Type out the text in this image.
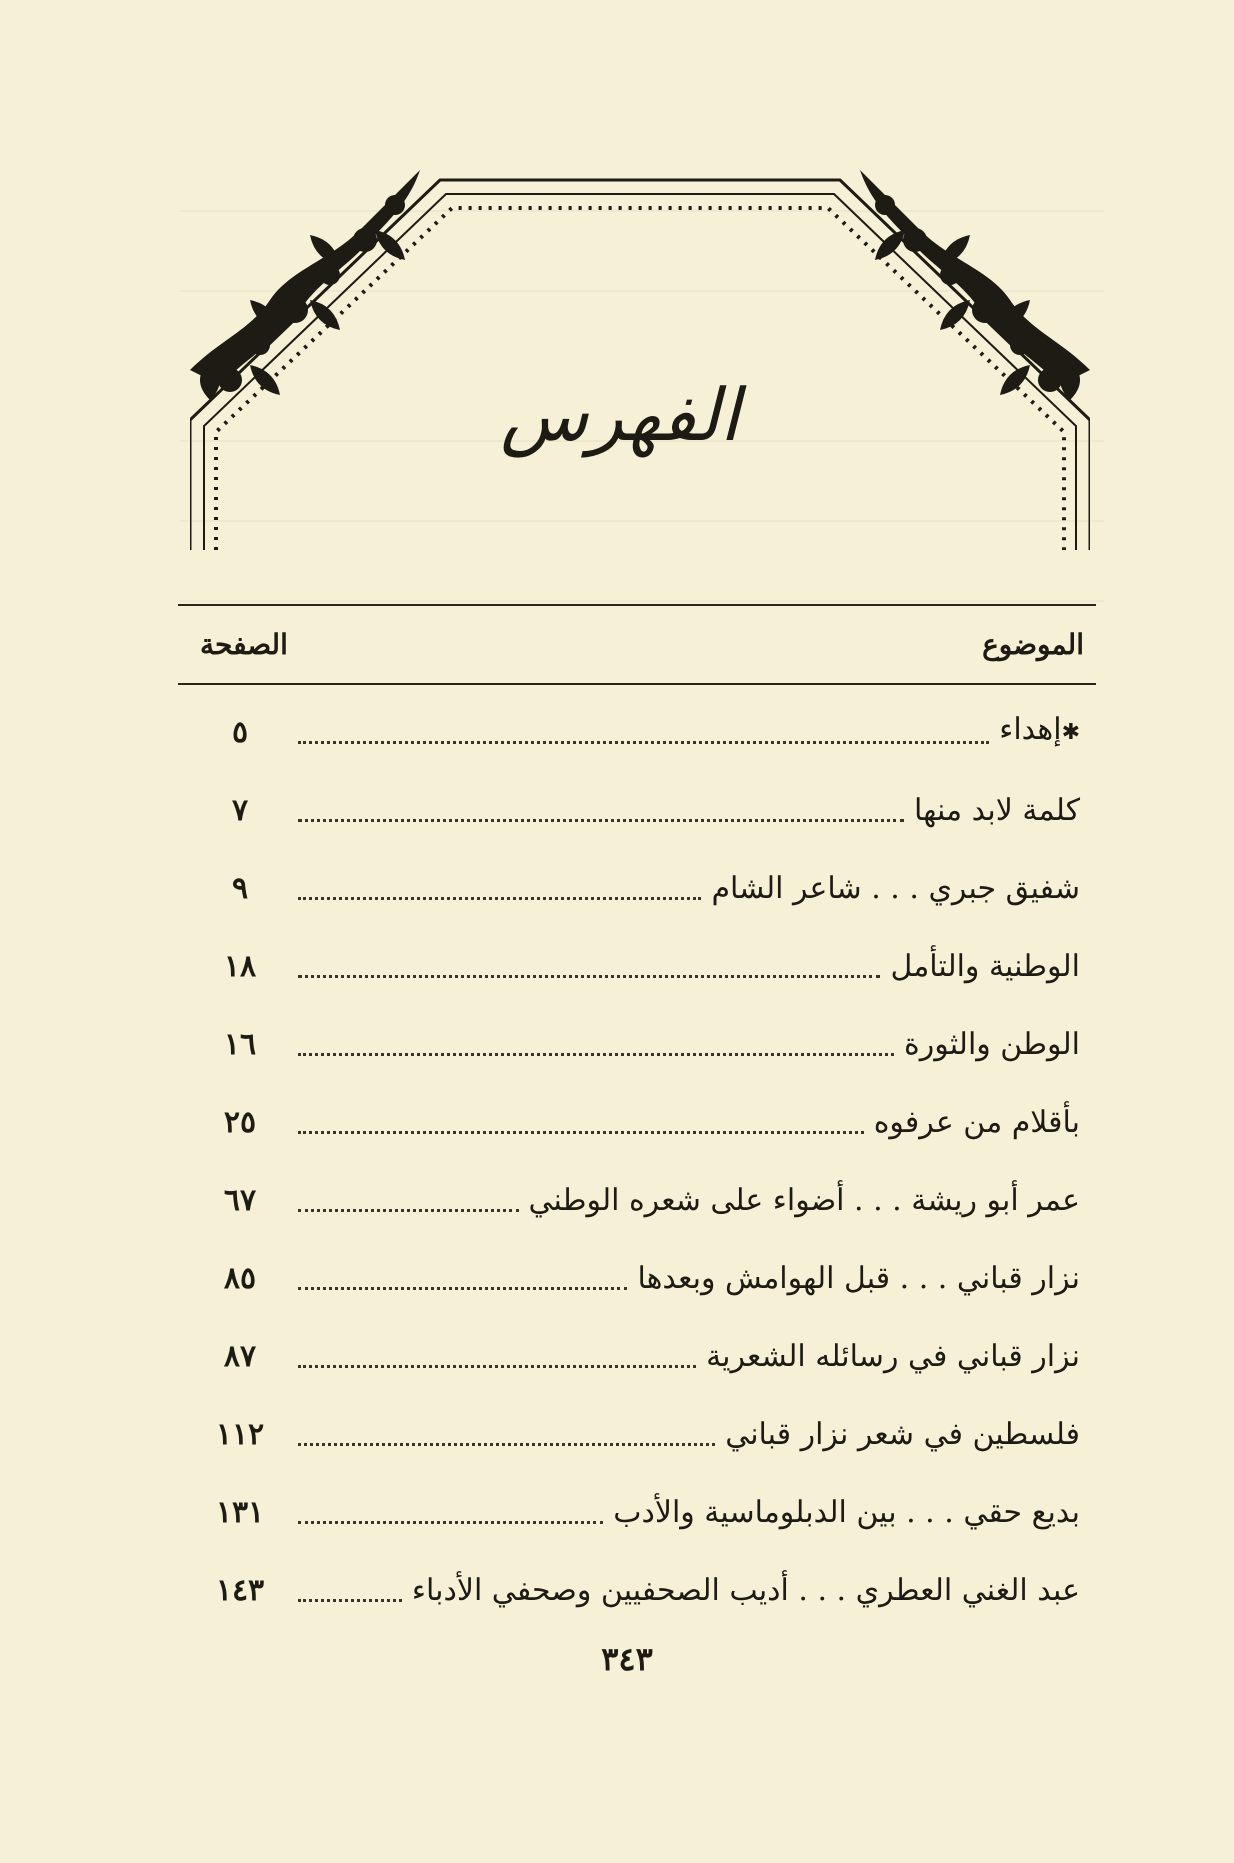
الفهرس
الموضوع
الصفحة
✱ إهداء
٥
كلمة لابد منها
٧
شفيق جبري . . . شاعر الشام
٩
الوطنية والتأمل
١٨
الوطن والثورة
١٦
بأقلام من عرفوه
٢٥
عمر أبو ريشة . . . أضواء على شعره الوطني
٦٧
نزار قباني . . . قبل الهوامش وبعدها
٨٥
نزار قباني في رسائله الشعرية
٨٧
فلسطين في شعر نزار قباني
١١٢
بديع حقي . . . بين الدبلوماسية والأدب
١٣١
عبد الغني العطري . . . أديب الصحفيين وصحفي الأدباء
١٤٣
٣٤٣
